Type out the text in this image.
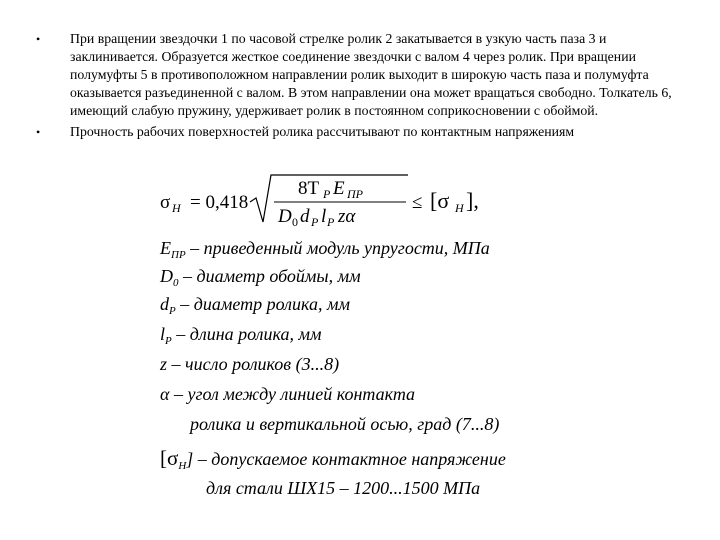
• При вращении звездочки 1 по часовой стрелке ролик 2 закатывается в узкую часть паза 3 и заклинивается. Образуется жесткое соединение звездочки с валом 4 через ролик. При вращении полумуфты 5 в противоположном направлении ролик выходит в широкую часть паза и полумуфта оказывается разъединенной с валом. В этом направлении она может вращаться свободно. Толкатель 6, имеющий слабую пружину, удерживает ролик в постоянном соприкосновении с обоймой.
• Прочность рабочих поверхностей ролика рассчитывают по контактным напряжениям
σ H = 0,418
8T P E ПР
D 0 d P l P zα
≤ [σ H ],
$E_{ПР}$ – приведенный модуль упругости, МПа
$D_0$ – диаметр обоймы, мм
$d_P$ – диаметр ролика, мм
$l_P$ – длина ролика, мм
z – число роликов (3...8)
α – угол между линией контакта
ролика и вертикальной осью, град (7...8)
$[\sigma_H]$ – допускаемое контактное напряжение
для стали ШХ15 – 1200...1500 МПа
